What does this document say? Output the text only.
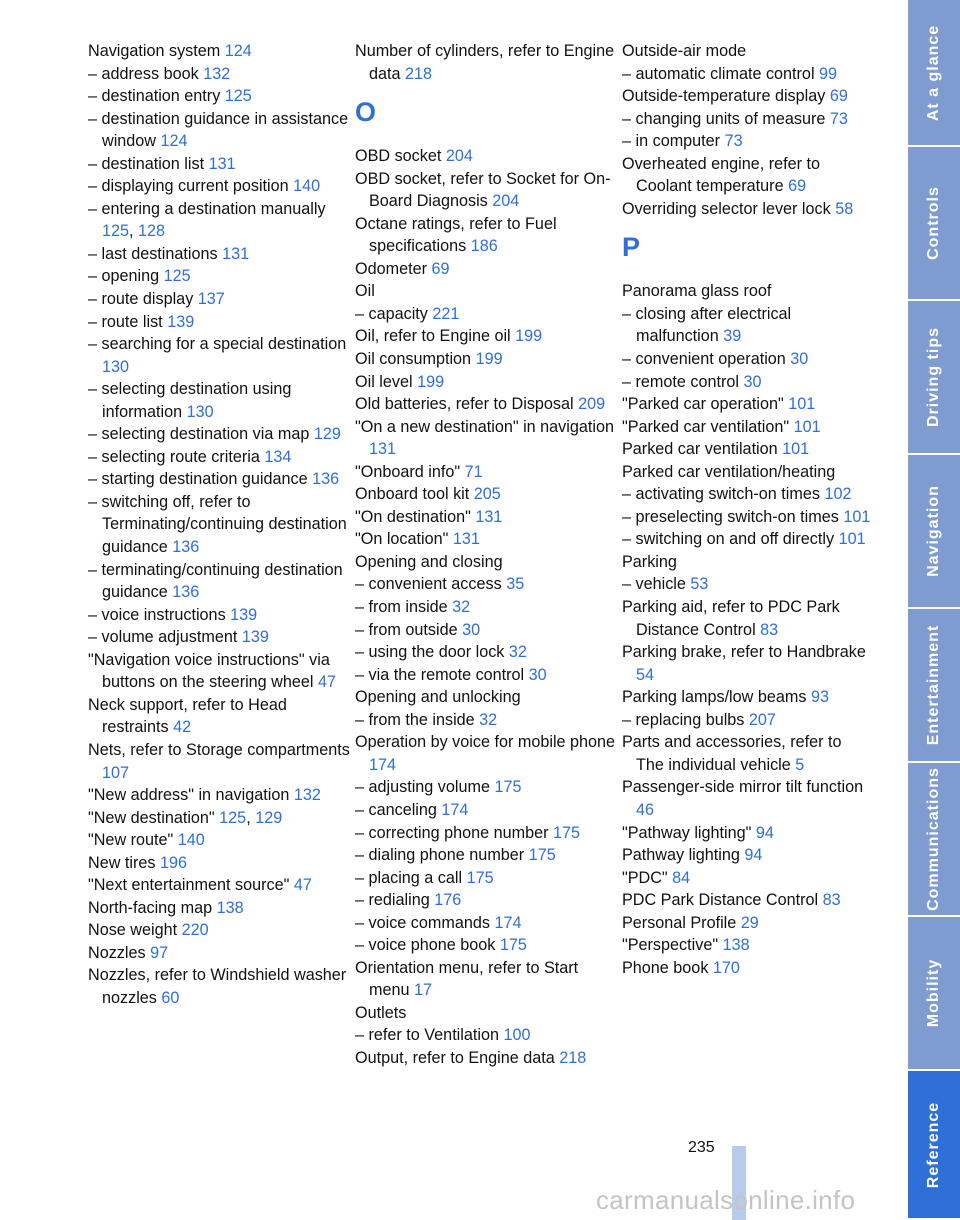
Navigation system 124
– address book 132
– destination entry 125
– destination guidance in assistance window 124
– destination list 131
– displaying current position 140
– entering a destination manually 125, 128
– last destinations 131
– opening 125
– route display 137
– route list 139
– searching for a special destination 130
– selecting destination using information 130
– selecting destination via map 129
– selecting route criteria 134
– starting destination guidance 136
– switching off, refer to Terminating/continuing destination guidance 136
– terminating/continuing destination guidance 136
– voice instructions 139
– volume adjustment 139
"Navigation voice instructions" via buttons on the steering wheel 47
Neck support, refer to Head restraints 42
Nets, refer to Storage compartments 107
"New address" in navigation 132
"New destination" 125, 129
"New route" 140
New tires 196
"Next entertainment source" 47
North-facing map 138
Nose weight 220
Nozzles 97
Nozzles, refer to Windshield washer nozzles 60
Number of cylinders, refer to Engine data 218
O
OBD socket 204
OBD socket, refer to Socket for On-Board Diagnosis 204
Octane ratings, refer to Fuel specifications 186
Odometer 69
Oil
– capacity 221
Oil, refer to Engine oil 199
Oil consumption 199
Oil level 199
Old batteries, refer to Disposal 209
"On a new destination" in navigation 131
"Onboard info" 71
Onboard tool kit 205
"On destination" 131
"On location" 131
Opening and closing
– convenient access 35
– from inside 32
– from outside 30
– using the door lock 32
– via the remote control 30
Opening and unlocking
– from the inside 32
Operation by voice for mobile phone 174
– adjusting volume 175
– canceling 174
– correcting phone number 175
– dialing phone number 175
– placing a call 175
– redialing 176
– voice commands 174
– voice phone book 175
Orientation menu, refer to Start menu 17
Outlets
– refer to Ventilation 100
Output, refer to Engine data 218
Outside-air mode
– automatic climate control 99
Outside-temperature display 69
– changing units of measure 73
– in computer 73
Overheated engine, refer to Coolant temperature 69
Overriding selector lever lock 58
P
Panorama glass roof
– closing after electrical malfunction 39
– convenient operation 30
– remote control 30
"Parked car operation" 101
"Parked car ventilation" 101
Parked car ventilation 101
Parked car ventilation/heating
– activating switch-on times 102
– preselecting switch-on times 101
– switching on and off directly 101
Parking
– vehicle 53
Parking aid, refer to PDC Park Distance Control 83
Parking brake, refer to Handbrake 54
Parking lamps/low beams 93
– replacing bulbs 207
Parts and accessories, refer to The individual vehicle 5
Passenger-side mirror tilt function 46
"Pathway lighting" 94
Pathway lighting 94
"PDC" 84
PDC Park Distance Control 83
Personal Profile 29
"Perspective" 138
Phone book 170
At a glance
Controls
Driving tips
Navigation
Entertainment
Communications
Mobility
Reference
235
carmanualsonline.info
